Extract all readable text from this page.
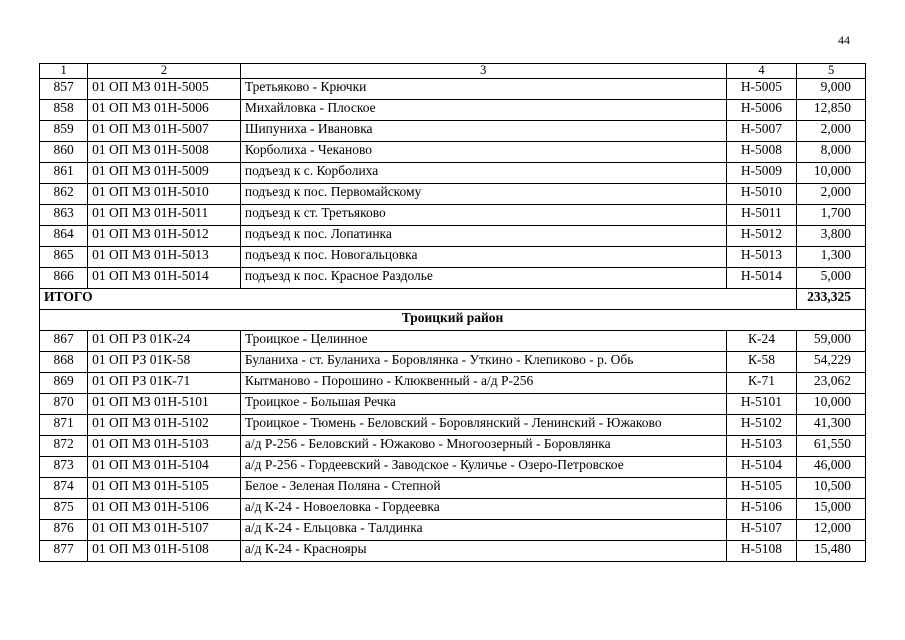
44
1	2	3	4	5
857	01 ОП МЗ 01Н-5005	Третьяково - Крючки	Н-5005	9,000
858	01 ОП МЗ 01Н-5006	Михайловка - Плоское	Н-5006	12,850
859	01 ОП МЗ 01Н-5007	Шипуниха - Ивановка	Н-5007	2,000
860	01 ОП МЗ 01Н-5008	Корболиха - Чеканово	Н-5008	8,000
861	01 ОП МЗ 01Н-5009	подъезд к с. Корболиха	Н-5009	10,000
862	01 ОП МЗ 01Н-5010	подъезд к пос. Первомайскому	Н-5010	2,000
863	01 ОП МЗ 01Н-5011	подъезд к ст. Третьяково	Н-5011	1,700
864	01 ОП МЗ 01Н-5012	подъезд к пос. Лопатинка	Н-5012	3,800
865	01 ОП МЗ 01Н-5013	подъезд к пос. Новогальцовка	Н-5013	1,300
866	01 ОП МЗ 01Н-5014	подъезд к пос. Красное Раздолье	Н-5014	5,000
ИТОГО				233,325
Троицкий район				
867	01 ОП РЗ 01К-24	Троицкое - Целинное	К-24	59,000
868	01 ОП РЗ 01К-58	Буланиха - ст. Буланиха - Боровлянка - Уткино - Клепиково - р. Обь	К-58	54,229
869	01 ОП РЗ 01К-71	Кытманово - Порошино - Клюквенный - а/д Р-256	К-71	23,062
870	01 ОП МЗ 01Н-5101	Троицкое - Большая Речка	Н-5101	10,000
871	01 ОП МЗ 01Н-5102	Троицкое - Тюмень - Беловский - Боровлянский - Ленинский - Южаково	Н-5102	41,300
872	01 ОП МЗ 01Н-5103	а/д Р-256 - Беловский - Южаково - Многоозерный - Боровлянка	Н-5103	61,550
873	01 ОП МЗ 01Н-5104	а/д Р-256 - Гордеевский - Заводское - Куличье - Озеро-Петровское	Н-5104	46,000
874	01 ОП МЗ 01Н-5105	Белое - Зеленая Поляна - Степной	Н-5105	10,500
875	01 ОП МЗ 01Н-5106	а/д К-24 - Новоеловка - Гордеевка	Н-5106	15,000
876	01 ОП МЗ 01Н-5107	а/д К-24 - Ельцовка - Талдинка	Н-5107	12,000
877	01 ОП МЗ 01Н-5108	а/д К-24 - Краснояры	Н-5108	15,480
